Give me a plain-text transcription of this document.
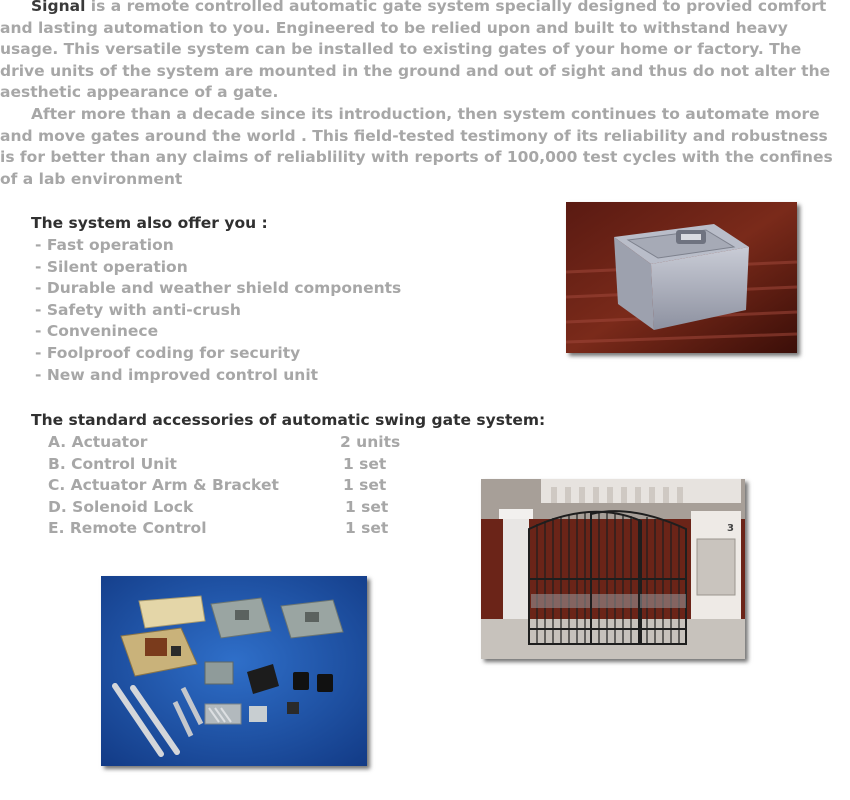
Signal is a remote controlled automatic gate system specially designed to provied comfort
and lasting automation to you. Engineered to be relied upon and built to withstand heavy
usage. This versatile system can be installed to existing gates of your home or factory. The
drive units of the system are mounted in the ground and out of sight and thus do not alter the
aesthetic appearance of a gate.
After more than a decade since its introduction, then system continues to automate more
and move gates around the world . This field-tested testimony of its reliability and robustness
is for better than any claims of reliablility with reports of 100,000 test cycles with the confines
of a lab environment
The system also offer you :
- Fast operation
- Silent operation
- Durable and weather shield components
- Safety with anti-crush
- Conveninece
- Foolproof coding for security
- New and improved control unit
The standard accessories of automatic swing gate system:
A. Actuator	2 units
B. Control Unit	1 set
C. Actuator Arm & Bracket	1 set
D. Solenoid Lock	1 set
E. Remote Control	1 set	3
